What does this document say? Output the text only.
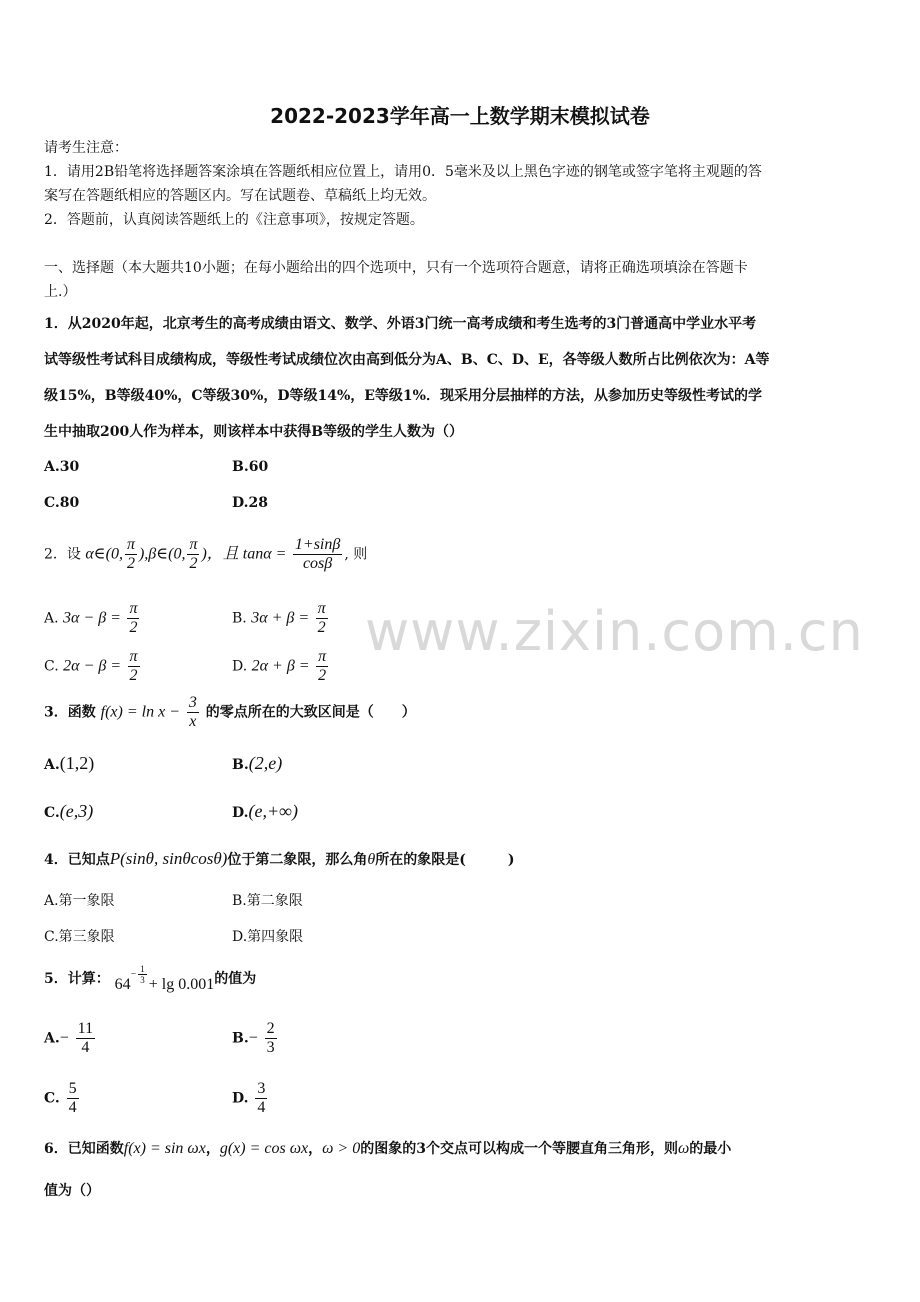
2022-2023学年高一上数学期末模拟试卷
请考生注意：
1．请用2B铅笔将选择题答案涂填在答题纸相应位置上，请用0．5毫米及以上黑色字迹的钢笔或签字笔将主观题的答
案写在答题纸相应的答题区内。写在试题卷、草稿纸上均无效。
2．答题前，认真阅读答题纸上的《注意事项》，按规定答题。
一、选择题（本大题共10小题；在每小题给出的四个选项中，只有一个选项符合题意，请将正确选项填涂在答题卡
上.）
1．从2020年起，北京考生的高考成绩由语文、数学、外语3门统一高考成绩和考生选考的3门普通高中学业水平考
试等级性考试科目成绩构成，等级性考试成绩位次由高到低分为A、B、C、D、E，各等级人数所占比例依次为：A等
级15%，B等级40%，C等级30%，D等级14%，E等级1%．现采用分层抽样的方法，从参加历史等级性考试的学
生中抽取200人作为样本，则该样本中获得B等级的学生人数为（）
A.30	B.60
C.80	D.28
2．设 α∈(0, $\frac{\pi}{2}$ ),β∈(0, $\frac{\pi}{2}$ )，且 $\tan\alpha = \frac{1+\sin\beta}{\cos\beta}$ , 则
A. $3\alpha - \beta = \frac{\pi}{2}$	B. $3\alpha + \beta = \frac{\pi}{2}$
C. $2\alpha - \beta = \frac{\pi}{2}$	D. $2\alpha + \beta = \frac{\pi}{2}$
3．函数 $f(x) = \ln x - \frac{3}{x}$ 的零点所在的大致区间是（　　）
A.(1,2)	B.(2,e)
C.(e,3)	D.(e,+∞)
4．已知点P(sinθ, sinθcosθ)位于第二象限，那么角θ所在的象限是(　　　)
A.第一象限	B.第二象限
C.第三象限	D.第四象限
5．计算： $64^{- \frac{1}{3}} + \lg 0.001$的值为
$A.- \frac{11}{4}$	$B.- \frac{2}{3}$
C. $\frac{5}{4}$	D. $\frac{3}{4}$
6．已知函数f(x) = sin ωx，g(x) = cos ωx，ω > 0的图象的3个交点可以构成一个等腰直角三角形，则ω的最小
值为（）
www.zixin.com.cn
